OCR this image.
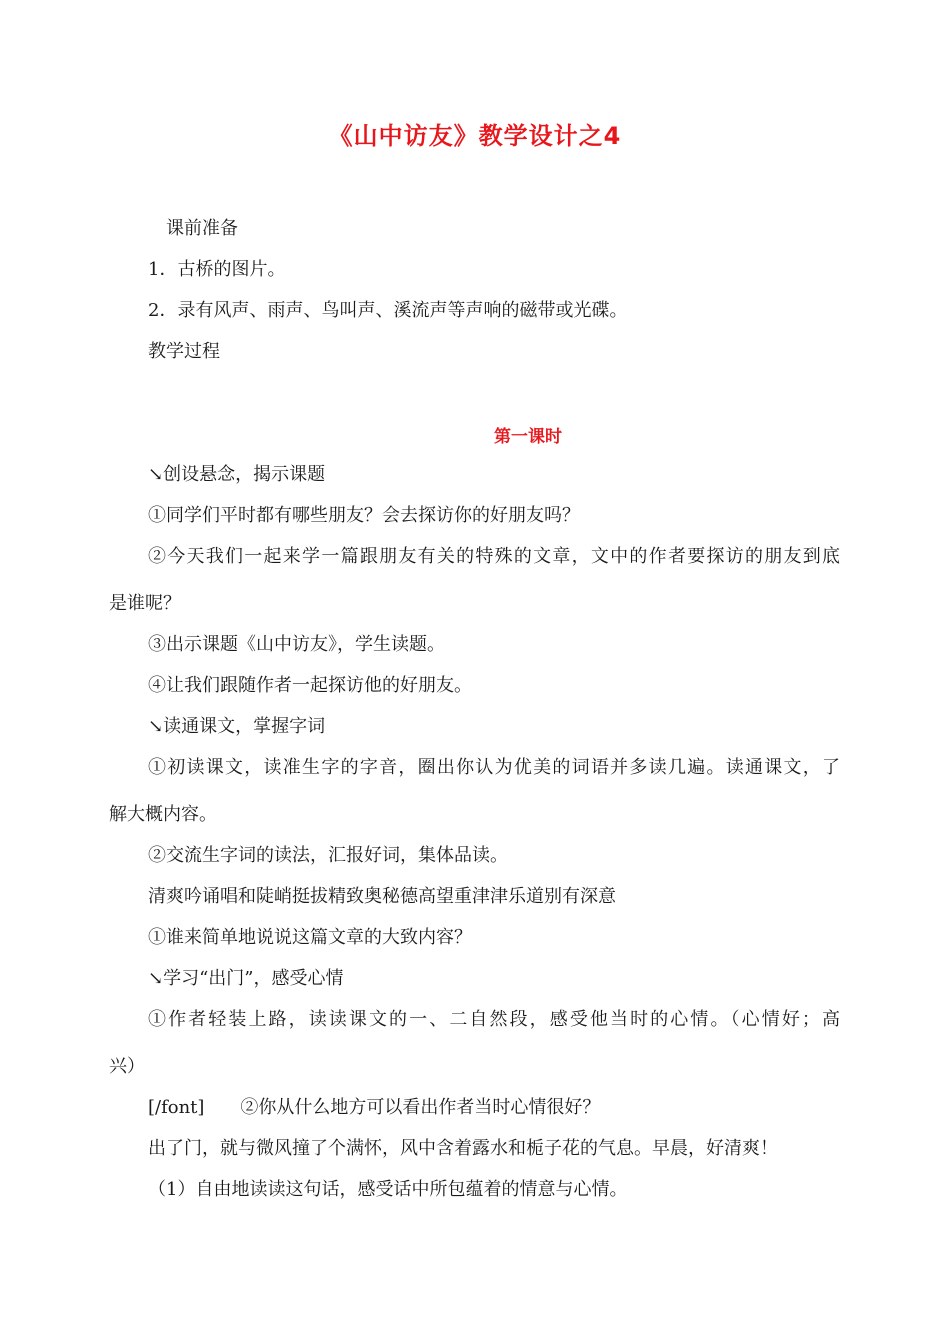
《山中访友》教学设计之4
课前准备
1．古桥的图片。
2．录有风声、雨声、鸟叫声、溪流声等声响的磁带或光碟。
教学过程
第一课时
↘创设悬念，揭示课题
①同学们平时都有哪些朋友？会去探访你的好朋友吗？
②今天我们一起来学一篇跟朋友有关的特殊的文章，文中的作者要探访的朋友到底
是谁呢？
③出示课题《山中访友》，学生读题。
④让我们跟随作者一起探访他的好朋友。
↘读通课文，掌握字词
①初读课文，读准生字的字音，圈出你认为优美的词语并多读几遍。读通课文，了
解大概内容。
②交流生字词的读法，汇报好词，集体品读。
清爽吟诵唱和陡峭挺拔精致奥秘德高望重津津乐道别有深意
①谁来简单地说说这篇文章的大致内容？
↘学习“出门”，感受心情
①作者轻装上路，读读课文的一、二自然段，感受他当时的心情。（心情好；高
兴）
[/font]　　②你从什么地方可以看出作者当时心情很好？
出了门，就与微风撞了个满怀，风中含着露水和栀子花的气息。早晨，好清爽！
（1）自由地读读这句话，感受话中所包蕴着的情意与心情。
